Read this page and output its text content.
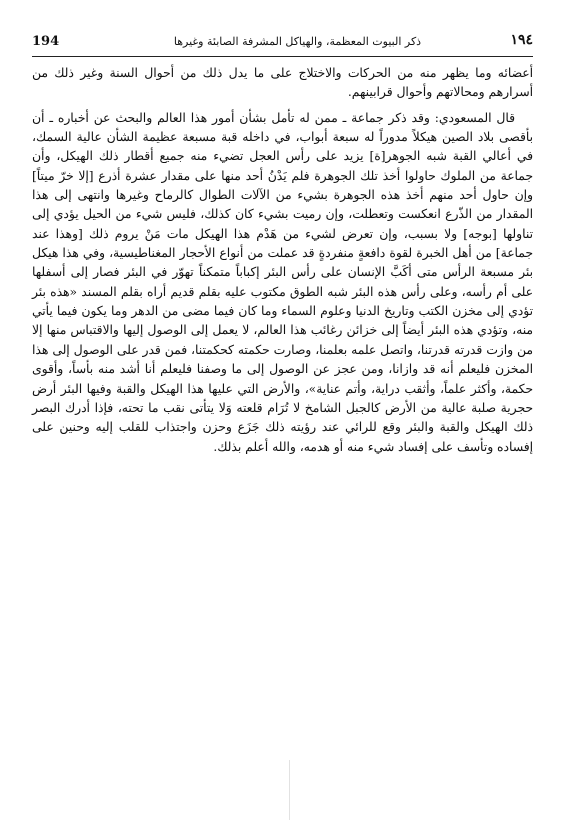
194	ذكر البيوت المعظمة، والهياكل المشرفة الصابئة وغيرها	١٩٤

أعضائه وما يظهر منه من الحركات والاختلاج على ما يدل ذلك من أحوال السنة وغير ذلك من أسرارهم ومحالاتهم وأحوال قرابينهم.

قال المسعودي: وقد ذكر جماعة ـ ممن له تأمل بشأن أمور هذا العالم والبحث عن أخباره ـ أن بأقصى بلاد الصين هيكلاً مدوراً له سبعة أبواب، في داخله قبة مسبعة عظيمة الشأن عالية السمك، في أعالي القبة شبه الجوهر[ة] يزيد على رأس العجل تضيء منه جميع أقطار ذلك الهيكل، وأن جماعة من الملوك حاولوا أخذ تلك الجوهرة فلم يَدْنُ أحد منها على مقدار عشرة أذرع [إلا خرّ ميتاً] وإن حاول أحد منهم أخذ هذه الجوهرة بشيء من الآلات الطوال كالرماح وغيرها وانتهى إلى هذا المقدار من الذّرع انعكست وتعطلت، وإن رميت بشيء كان كذلك، فليس شيء من الحيل يؤدي إلى تناولها [بوجه] ولا بسبب، وإن تعرض لشيء من هَدْم هذا الهيكل مات مَنْ يروم ذلك [وهذا عند جماعة] من أهل الخبرة لقوة دافعةٍ منفردةٍ قد عملت من أنواع الأحجار المغناطيسية، وفي هذا هيكل بئر مسبعة الرأس متى أكَبَّ الإنسان على رأس البئر إكباباً متمكناً تهوّر في البئر فصار إلى أسفلها على أم رأسه، وعلى رأس هذه البئر شبه الطوق مكتوب عليه بقلم قديم أراه بقلم المسند «هذه بئر تؤدي إلى مخزن الكتب وتاريخ الدنيا وعلوم السماء وما كان فيما مضى من الدهر وما يكون فيما يأتي منه، وتؤدي هذه البئر أيضاً إلى خزائن رغائب هذا العالم، لا يعمل إلى الوصول إليها والاقتباس منها إلا من وازت قدرته قدرتنا، واتصل علمه بعلمنا، وصارت حكمته كحكمتنا، فمن قدر على الوصول إلى هذا المخزن فليعلم أنه قد وازانا، ومن عجز عن الوصول إلى ما وصفنا فليعلم أنا أشد منه بأساً، وأقوى حكمة، وأكثر علماً، وأثقب دراية، وأتم عناية»، والأرض التي عليها هذا الهيكل والقبة وفيها البئر أرض حجرية صلبة عالية من الأرض كالجبل الشامخ لا تُرَام قلعته وَلا يتأتى نقب ما تحته، فإذا أدرك البصر ذلك الهيكل والقبة والبئر وقع للرائي عند رؤيته ذلك جَزَع وحزن واجتذاب للقلب إليه وحنين على إفساده وتأسف على إفساد شيء منه أو هدمه، والله أعلم بذلك.
